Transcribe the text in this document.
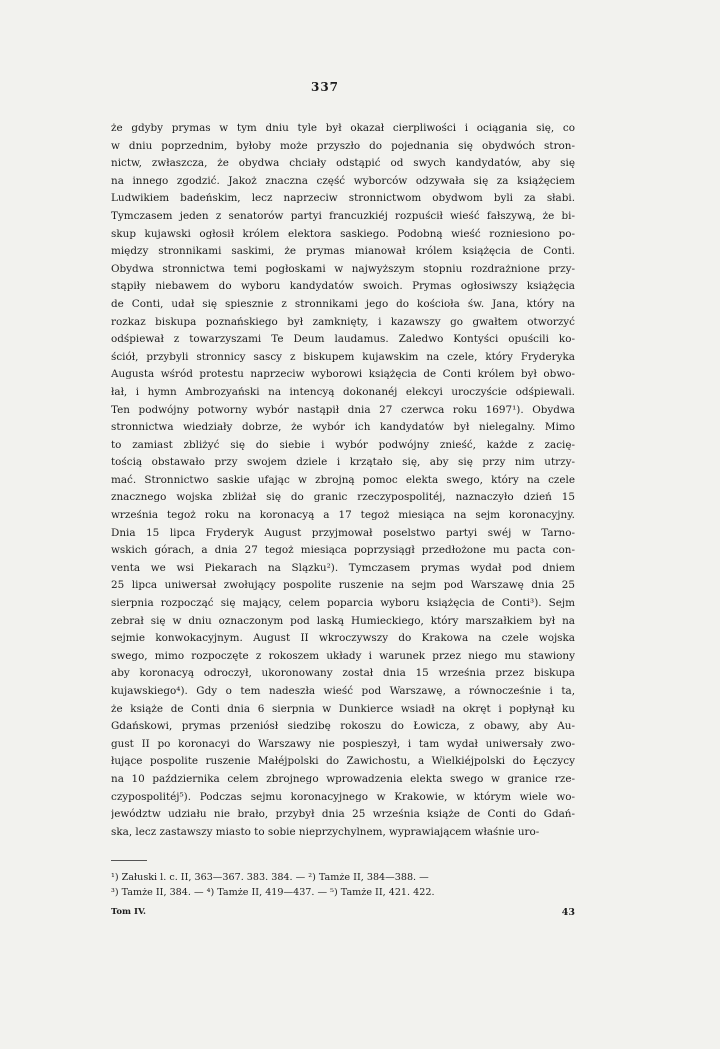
337
że gdyby prymas w tym dniu tyle był okazał cierpliwości i ociągania się, co
w dniu poprzednim, byłoby może przyszło do pojednania się obydwóch stron-
nictw, zwłaszcza, że obydwa chciały odstąpić od swych kandydatów, aby się
na innego zgodzić. Jakoż znaczna część wyborców odzywała się za książęciem
Ludwikiem badeńskim, lecz naprzeciw stronnictwom obydwom byli za słabi.
Tymczasem jeden z senatorów partyi francuzkiéj rozpuścił wieść fałszywą, że bi-
skup kujawski ogłosił królem elektora saskiego. Podobną wieść rozniesiono po-
między stronnikami saskimi, że prymas mianował królem książęcia de Conti.
Obydwa stronnictwa temi pogłoskami w najwyższym stopniu rozdrażnione przy-
stąpiły niebawem do wyboru kandydatów swoich. Prymas ogłosiwszy książęcia
de Conti, udał się spiesznie z stronnikami jego do kościoła św. Jana, który na
rozkaz biskupa poznańskiego był zamknięty, i kazawszy go gwałtem otworzyć
odśpiewał z towarzyszami Te Deum laudamus. Zaledwo Kontyści opuścili ko-
ściół, przybyli stronnicy sascy z biskupem kujawskim na czele, który Fryderyka
Augusta wśród protestu naprzeciw wyborowi książęcia de Conti królem był obwo-
łał, i hymn Ambrozyański na intencyą dokonanéj elekcyi uroczyście odśpiewali.
Ten podwójny potworny wybór nastąpił dnia 27 czerwca roku 1697¹). Obydwa
stronnictwa wiedziały dobrze, że wybór ich kandydatów był nielegalny. Mimo
to zamiast zbliżyć się do siebie i wybór podwójny znieść, każde z zacię-
tością obstawało przy swojem dziele i krzątało się, aby się przy nim utrzy-
mać. Stronnictwo saskie ufając w zbrojną pomoc elekta swego, który na czele
znacznego wojska zbliżał się do granic rzeczypospolitéj, naznaczyło dzień 15
września tegoż roku na koronacyą a 17 tegoż miesiąca na sejm koronacyjny.
Dnia 15 lipca Fryderyk August przyjmował poselstwo partyi swéj w Tarno-
wskich górach, a dnia 27 tegoż miesiąca poprzysiągł przedłożone mu pacta con-
venta we wsi Piekarach na Slązku²). Tymczasem prymas wydał pod dniem
25 lipca uniwersał zwołujący pospolite ruszenie na sejm pod Warszawę dnia 25
sierpnia rozpocząć się mający, celem poparcia wyboru książęcia de Conti³). Sejm
zebrał się w dniu oznaczonym pod laską Humieckiego, który marszałkiem był na
sejmie konwokacyjnym. August II wkroczywszy do Krakowa na czele wojska
swego, mimo rozpoczęte z rokoszem układy i warunek przez niego mu stawiony
aby koronacyą odroczył, ukoronowany został dnia 15 września przez biskupa
kujawskiego⁴). Gdy o tem nadeszła wieść pod Warszawę, a równocześnie i ta,
że książe de Conti dnia 6 sierpnia w Dunkierce wsiadł na okręt i popłynął ku
Gdańskowi, prymas przeniósł siedzibę rokoszu do Łowicza, z obawy, aby Au-
gust II po koronacyi do Warszawy nie pospieszył, i tam wydał uniwersały zwo-
łujące pospolite ruszenie Małéjpolski do Zawichostu, a Wielkiéjpolski do Łęczycy
na 10 października celem zbrojnego wprowadzenia elekta swego w granice rze-
czypospolitéj⁵). Podczas sejmu koronacyjnego w Krakowie, w którym wiele wo-
jewództw udziału nie brało, przybył dnia 25 września książe de Conti do Gdań-
ska, lecz zastawszy miasto to sobie nieprzychylnem, wyprawiającem właśnie uro-
¹) Załuski l. c. II, 363—367. 383. 384. — ²) Tamże II, 384—388. —
³) Tamże II, 384. — ⁴) Tamże II, 419—437. — ⁵) Tamże II, 421. 422.
Tom IV.	43
